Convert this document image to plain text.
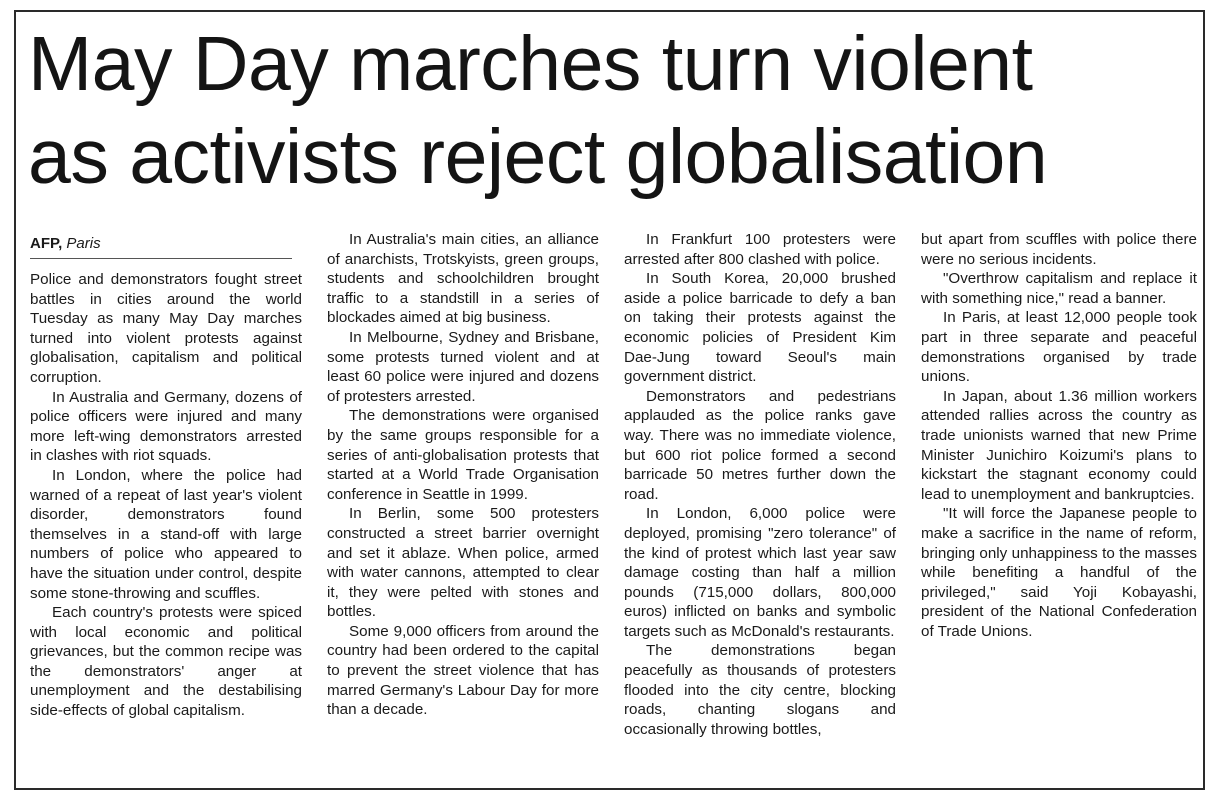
May Day marches turn violent
as activists reject globalisation
AFP, Paris

Police and demonstrators fought street battles in cities around the world Tuesday as many May Day marches turned into violent protests against globalisation, capitalism and political corruption.

In Australia and Germany, dozens of police officers were injured and many more left-wing demonstrators arrested in clashes with riot squads.

In London, where the police had warned of a repeat of last year's violent disorder, demonstrators found themselves in a stand-off with large numbers of police who appeared to have the situation under control, despite some stone-throwing and scuffles.

Each country's protests were spiced with local economic and political grievances, but the common recipe was the demonstrators' anger at unemployment and the destabilising side-effects of global capitalism.

In Australia's main cities, an alliance of anarchists, Trotskyists, green groups, students and schoolchildren brought traffic to a standstill in a series of blockades aimed at big business.

In Melbourne, Sydney and Brisbane, some protests turned violent and at least 60 police were injured and dozens of protesters arrested.

The demonstrations were organised by the same groups responsible for a series of anti-globalisation protests that started at a World Trade Organisation conference in Seattle in 1999.

In Berlin, some 500 protesters constructed a street barrier overnight and set it ablaze. When police, armed with water cannons, attempted to clear it, they were pelted with stones and bottles.

Some 9,000 officers from around the country had been ordered to the capital to prevent the street violence that has marred Germany's Labour Day for more than a decade.

In Frankfurt 100 protesters were arrested after 800 clashed with police.

In South Korea, 20,000 brushed aside a police barricade to defy a ban on taking their protests against the economic policies of President Kim Dae-Jung toward Seoul's main government district.

Demonstrators and pedestrians applauded as the police ranks gave way. There was no immediate violence, but 600 riot police formed a second barricade 50 metres further down the road.

In London, 6,000 police were deployed, promising "zero tolerance" of the kind of protest which last year saw damage costing than half a million pounds (715,000 dollars, 800,000 euros) inflicted on banks and symbolic targets such as McDonald's restaurants.

The demonstrations began peacefully as thousands of protesters flooded into the city centre, blocking roads, chanting slogans and occasionally throwing bottles,

but apart from scuffles with police there were no serious incidents.

"Overthrow capitalism and replace it with something nice," read a banner.

In Paris, at least 12,000 people took part in three separate and peaceful demonstrations organised by trade unions.

In Japan, about 1.36 million workers attended rallies across the country as trade unionists warned that new Prime Minister Junichiro Koizumi's plans to kickstart the stagnant economy could lead to unemployment and bankruptcies.

"It will force the Japanese people to make a sacrifice in the name of reform, bringing only unhappiness to the masses while benefiting a handful of the privileged," said Yoji Kobayashi, president of the National Confederation of Trade Unions.
